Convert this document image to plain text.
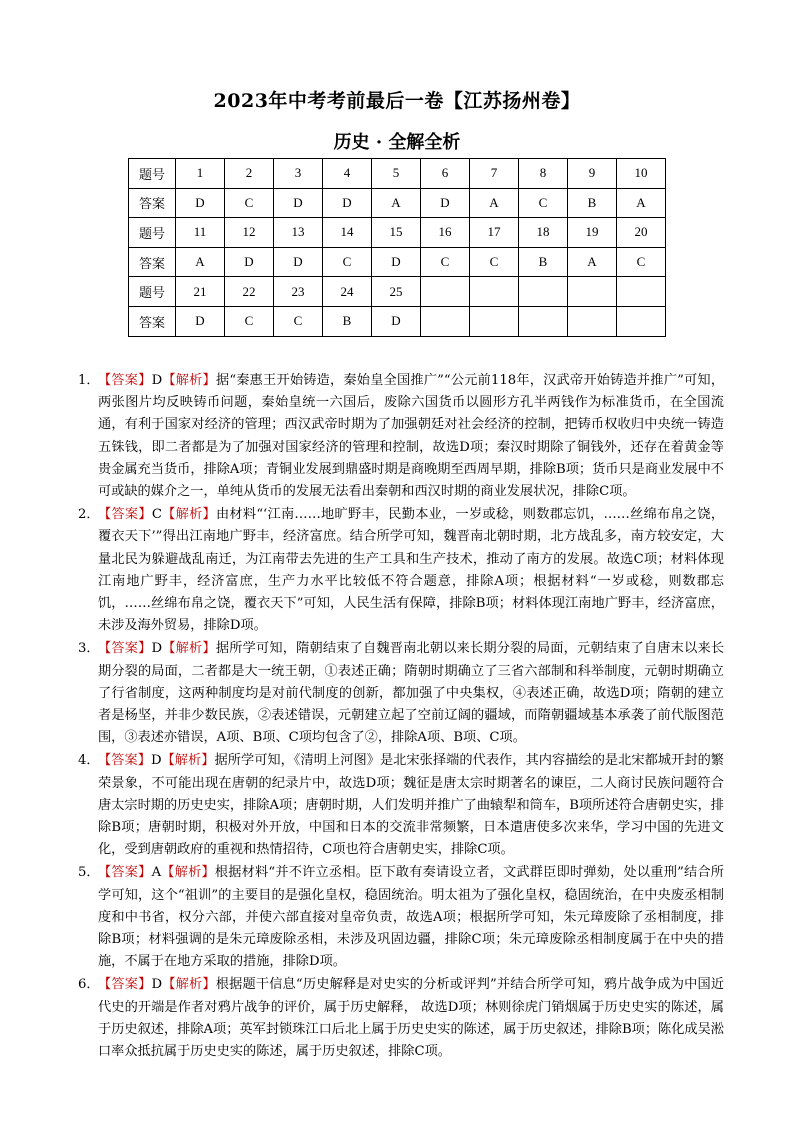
2023年中考考前最后一卷【江苏扬州卷】
历史 · 全解全析
题号	1	2	3	4	5	6	7	8	9	10
答案	D	C	D	D	A	D	A	C	B	A
题号	11	12	13	14	15	16	17	18	19	20
答案	A	D	D	C	D	C	C	B	A	C
题号	21	22	23	24	25					
答案	D	C	C	B	D					
1．
【答案】D【解析】据“秦惠王开始铸造，秦始皇全国推广”“公元前118年，汉武帝开始铸造并推广”可知，两张图片均反映铸币问题，秦始皇统一六国后，废除六国货币以圆形方孔半两钱作为标准货币，在全国流通，有利于国家对经济的管理；西汉武帝时期为了加强朝廷对社会经济的控制，把铸币权收归中央统一铸造五铢钱，即二者都是为了加强对国家经济的管理和控制，故选D项；秦汉时期除了铜钱外，还存在着黄金等贵金属充当货币，排除A项；青铜业发展到鼎盛时期是商晚期至西周早期，排除B项；货币只是商业发展中不可或缺的媒介之一，单纯从货币的发展无法看出秦朝和西汉时期的商业发展状况，排除C项。
2．
【答案】C【解析】由材料“‘江南……地旷野丰，民勤本业，一岁或稔，则数郡忘饥，……丝绵布帛之饶，覆衣天下’”得出江南地广野丰，经济富庶。结合所学可知，魏晋南北朝时期，北方战乱多，南方较安定，大量北民为躲避战乱南迁，为江南带去先进的生产工具和生产技术，推动了南方的发展。故选C项；材料体现江南地广野丰，经济富庶，生产力水平比较低不符合题意，排除A项；根据材料“一岁或稔，则数郡忘饥，……丝绵布帛之饶，覆衣天下”可知，人民生活有保障，排除B项；材料体现江南地广野丰，经济富庶，未涉及海外贸易，排除D项。
3．
【答案】D【解析】据所学可知，隋朝结束了自魏晋南北朝以来长期分裂的局面，元朝结束了自唐末以来长期分裂的局面，二者都是大一统王朝，①表述正确；隋朝时期确立了三省六部制和科举制度，元朝时期确立了行省制度，这两种制度均是对前代制度的创新，都加强了中央集权，④表述正确，故选D项；隋朝的建立者是杨坚，并非少数民族，②表述错误，元朝建立起了空前辽阔的疆域，而隋朝疆域基本承袭了前代版图范围，③表述亦错误，A项、B项、C项均包含了②，排除A项、B项、C项。
4．
【答案】D【解析】据所学可知，《清明上河图》是北宋张择端的代表作，其内容描绘的是北宋都城开封的繁荣景象，不可能出现在唐朝的纪录片中，故选D项；魏征是唐太宗时期著名的谏臣，二人商讨民族问题符合唐太宗时期的历史史实，排除A项；唐朝时期，人们发明并推广了曲辕犁和筒车，B项所述符合唐朝史实，排除B项；唐朝时期，积极对外开放，中国和日本的交流非常频繁，日本遣唐使多次来华，学习中国的先进文化，受到唐朝政府的重视和热情招待，C项也符合唐朝史实，排除C项。
5．
【答案】A【解析】根据材料“并不许立丞相。臣下敢有奏请设立者，文武群臣即时弹劾，处以重刑”结合所学可知，这个“祖训”的主要目的是强化皇权，稳固统治。明太祖为了强化皇权，稳固统治，在中央废丞相制度和中书省，权分六部，并使六部直接对皇帝负责，故选A项；根据所学可知，朱元璋废除了丞相制度，排除B项；材料强调的是朱元璋废除丞相，未涉及巩固边疆，排除C项；朱元璋废除丞相制度属于在中央的措施，不属于在地方采取的措施，排除D项。
6．
【答案】D【解析】根据题干信息“历史解释是对史实的分析或评判”并结合所学可知，鸦片战争成为中国近代史的开端是作者对鸦片战争的评价，属于历史解释， 故选D项；林则徐虎门销烟属于历史史实的陈述，属于历史叙述，排除A项；英军封锁珠江口后北上属于历史史实的陈述，属于历史叙述，排除B项；陈化成吴淞口率众抵抗属于历史史实的陈述，属于历史叙述，排除C项。
